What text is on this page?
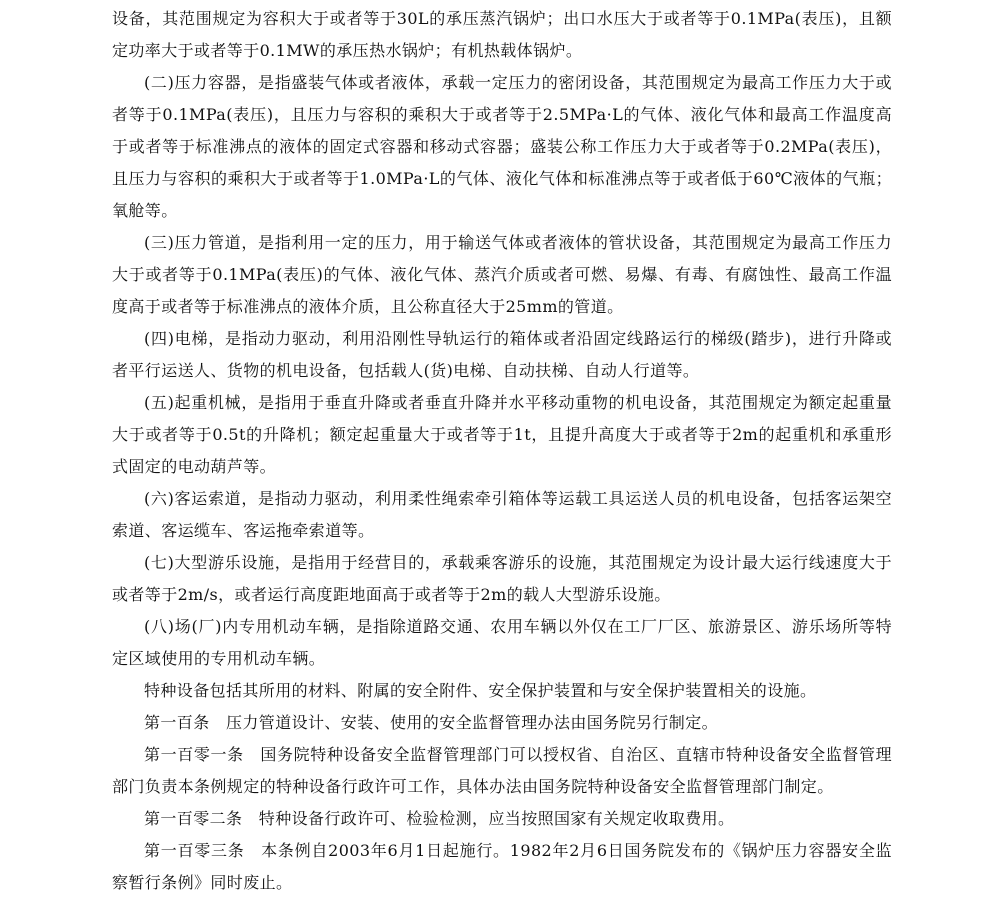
设备，其范围规定为容积大于或者等于30L的承压蒸汽锅炉；出口水压大于或者等于0.1MPa(表压)，且额定功率大于或者等于0.1MW的承压热水锅炉；有机热载体锅炉。

(二)压力容器，是指盛装气体或者液体，承载一定压力的密闭设备，其范围规定为最高工作压力大于或者等于0.1MPa(表压)，且压力与容积的乘积大于或者等于2.5MPa·L的气体、液化气体和最高工作温度高于或者等于标准沸点的液体的固定式容器和移动式容器；盛装公称工作压力大于或者等于0.2MPa(表压)，且压力与容积的乘积大于或者等于1.0MPa·L的气体、液化气体和标准沸点等于或者低于60℃液体的气瓶；氧舱等。

(三)压力管道，是指利用一定的压力，用于输送气体或者液体的管状设备，其范围规定为最高工作压力大于或者等于0.1MPa(表压)的气体、液化气体、蒸汽介质或者可燃、易爆、有毒、有腐蚀性、最高工作温度高于或者等于标准沸点的液体介质，且公称直径大于25mm的管道。

(四)电梯，是指动力驱动，利用沿刚性导轨运行的箱体或者沿固定线路运行的梯级(踏步)，进行升降或者平行运送人、货物的机电设备，包括载人(货)电梯、自动扶梯、自动人行道等。

(五)起重机械，是指用于垂直升降或者垂直升降并水平移动重物的机电设备，其范围规定为额定起重量大于或者等于0.5t的升降机；额定起重量大于或者等于1t，且提升高度大于或者等于2m的起重机和承重形式固定的电动葫芦等。

(六)客运索道，是指动力驱动，利用柔性绳索牵引箱体等运载工具运送人员的机电设备，包括客运架空索道、客运缆车、客运拖牵索道等。

(七)大型游乐设施，是指用于经营目的，承载乘客游乐的设施，其范围规定为设计最大运行线速度大于或者等于2m/s，或者运行高度距地面高于或者等于2m的载人大型游乐设施。

(八)场(厂)内专用机动车辆，是指除道路交通、农用车辆以外仅在工厂厂区、旅游景区、游乐场所等特定区域使用的专用机动车辆。

特种设备包括其所用的材料、附属的安全附件、安全保护装置和与安全保护装置相关的设施。

第一百条　压力管道设计、安装、使用的安全监督管理办法由国务院另行制定。

第一百零一条　国务院特种设备安全监督管理部门可以授权省、自治区、直辖市特种设备安全监督管理部门负责本条例规定的特种设备行政许可工作，具体办法由国务院特种设备安全监督管理部门制定。

第一百零二条　特种设备行政许可、检验检测，应当按照国家有关规定收取费用。

第一百零三条　本条例自2003年6月1日起施行。1982年2月6日国务院发布的《锅炉压力容器安全监察暂行条例》同时废止。
